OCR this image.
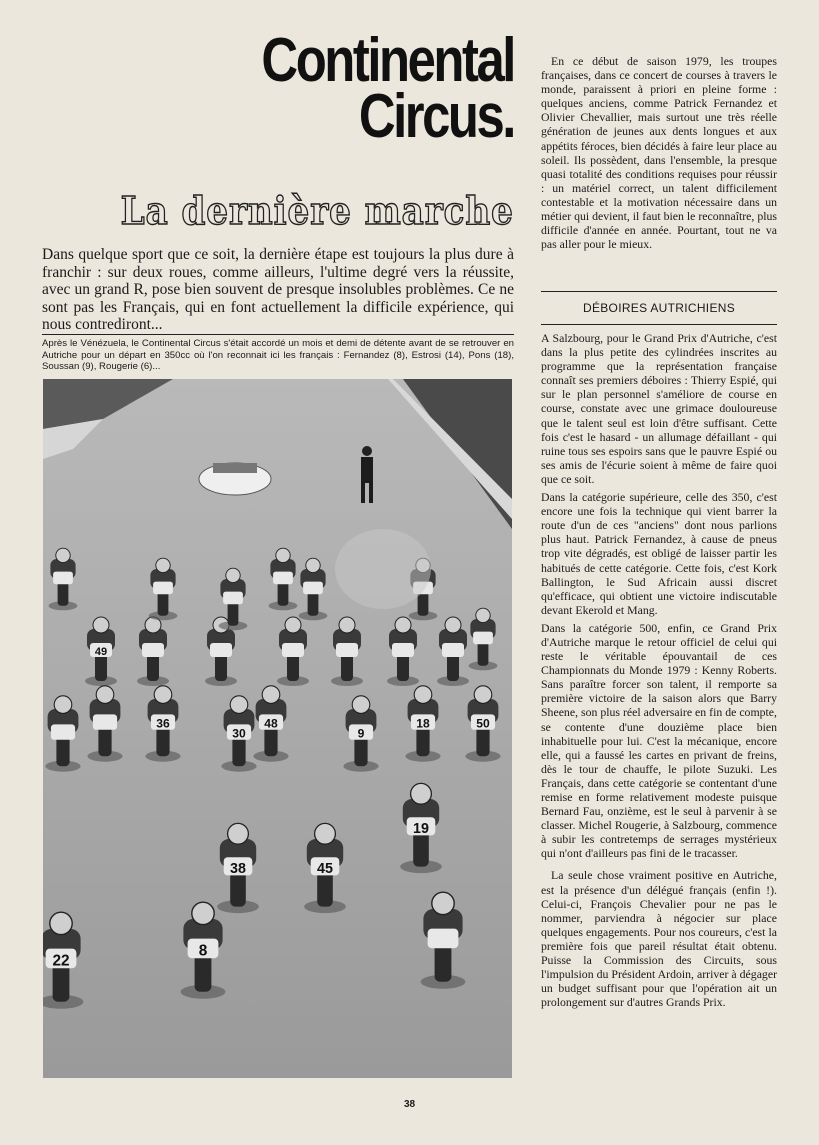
Continental
Circus.
La dernière marche
Dans quelque sport que ce soit, la dernière étape est toujours la plus dure à franchir : sur deux roues, comme ailleurs, l'ultime degré vers la réussite, avec un grand R, pose bien souvent de presque insolubles problèmes. Ce ne sont pas les Français, qui en font actuellement la difficile expérience, qui nous contrediront...
Après le Vénézuela, le Continental Circus s'était accordé un mois et demi de détente avant de se retrouver en Autriche pour un départ en 350cc où l'on reconnait ici les français : Fernandez (8), Estrosi (14), Pons (18), Soussan (9), Rougerie (6)...
49
36
30
48
9
18	50
38	45
19
8
22

En ce début de saison 1979, les troupes françaises, dans ce concert de courses à travers le monde, paraissent à priori en pleine forme : quelques anciens, comme Patrick Fernandez et Olivier Chevallier, mais surtout une très réelle génération de jeunes aux dents longues et aux appétits féroces, bien décidés à faire leur place au soleil. Ils possèdent, dans l'ensemble, la presque quasi totalité des conditions requises pour réussir : un matériel correct, un talent difficilement contestable et la motivation nécessaire dans un métier qui devient, il faut bien le reconnaître, plus difficile d'année en année. Pourtant, tout ne va pas aller pour le mieux.

DÉBOIRES AUTRICHIENS

A Salzbourg, pour le Grand Prix d'Autriche, c'est dans la plus petite des cylindrées inscrites au programme que la représentation française connaît ses premiers déboires : Thierry Espié, qui sur le plan personnel s'améliore de course en course, constate avec une grimace douloureuse que le talent seul est loin d'être suffisant. Cette fois c'est le hasard - un allumage défaillant - qui ruine tous ses espoirs sans que le pauvre Espié ou ses amis de l'écurie soient à même de faire quoi que ce soit.

Dans la catégorie supérieure, celle des 350, c'est encore une fois la technique qui vient barrer la route d'un de ces "anciens" dont nous parlions plus haut. Patrick Fernandez, à cause de pneus trop vite dégradés, est obligé de laisser partir les habitués de cette catégorie. Cette fois, c'est Kork Ballington, le Sud Africain aussi discret qu'efficace, qui obtient une victoire indiscutable devant Ekerold et Mang.

Dans la catégorie 500, enfin, ce Grand Prix d'Autriche marque le retour officiel de celui qui reste le véritable épouvantail de ces Championnats du Monde 1979 : Kenny Roberts. Sans paraître forcer son talent, il remporte sa première victoire de la saison alors que Barry Sheene, son plus réel adversaire en fin de compte, se contente d'une douzième place bien inhabituelle pour lui. C'est la mécanique, encore elle, qui a faussé les cartes en privant de freins, dès le tour de chauffe, le pilote Suzuki. Les Français, dans cette catégorie se contentant d'une remise en forme relativement modeste puisque Bernard Fau, onzième, est le seul à parvenir à se classer. Michel Rougerie, à Salzbourg, commence à subir les contretemps de serrages mystérieux qui n'ont d'ailleurs pas fini de le tracasser.

La seule chose vraiment positive en Autriche, est la présence d'un délégué français (enfin !). Celui-ci, François Chevalier pour ne pas le nommer, parviendra à négocier sur place quelques engagements. Pour nos coureurs, c'est la première fois que pareil résultat était obtenu. Puisse la Commission des Circuits, sous l'impulsion du Président Ardoin, arriver à dégager un budget suffisant pour que l'opération ait un prolongement sur d'autres Grands Prix.

38
